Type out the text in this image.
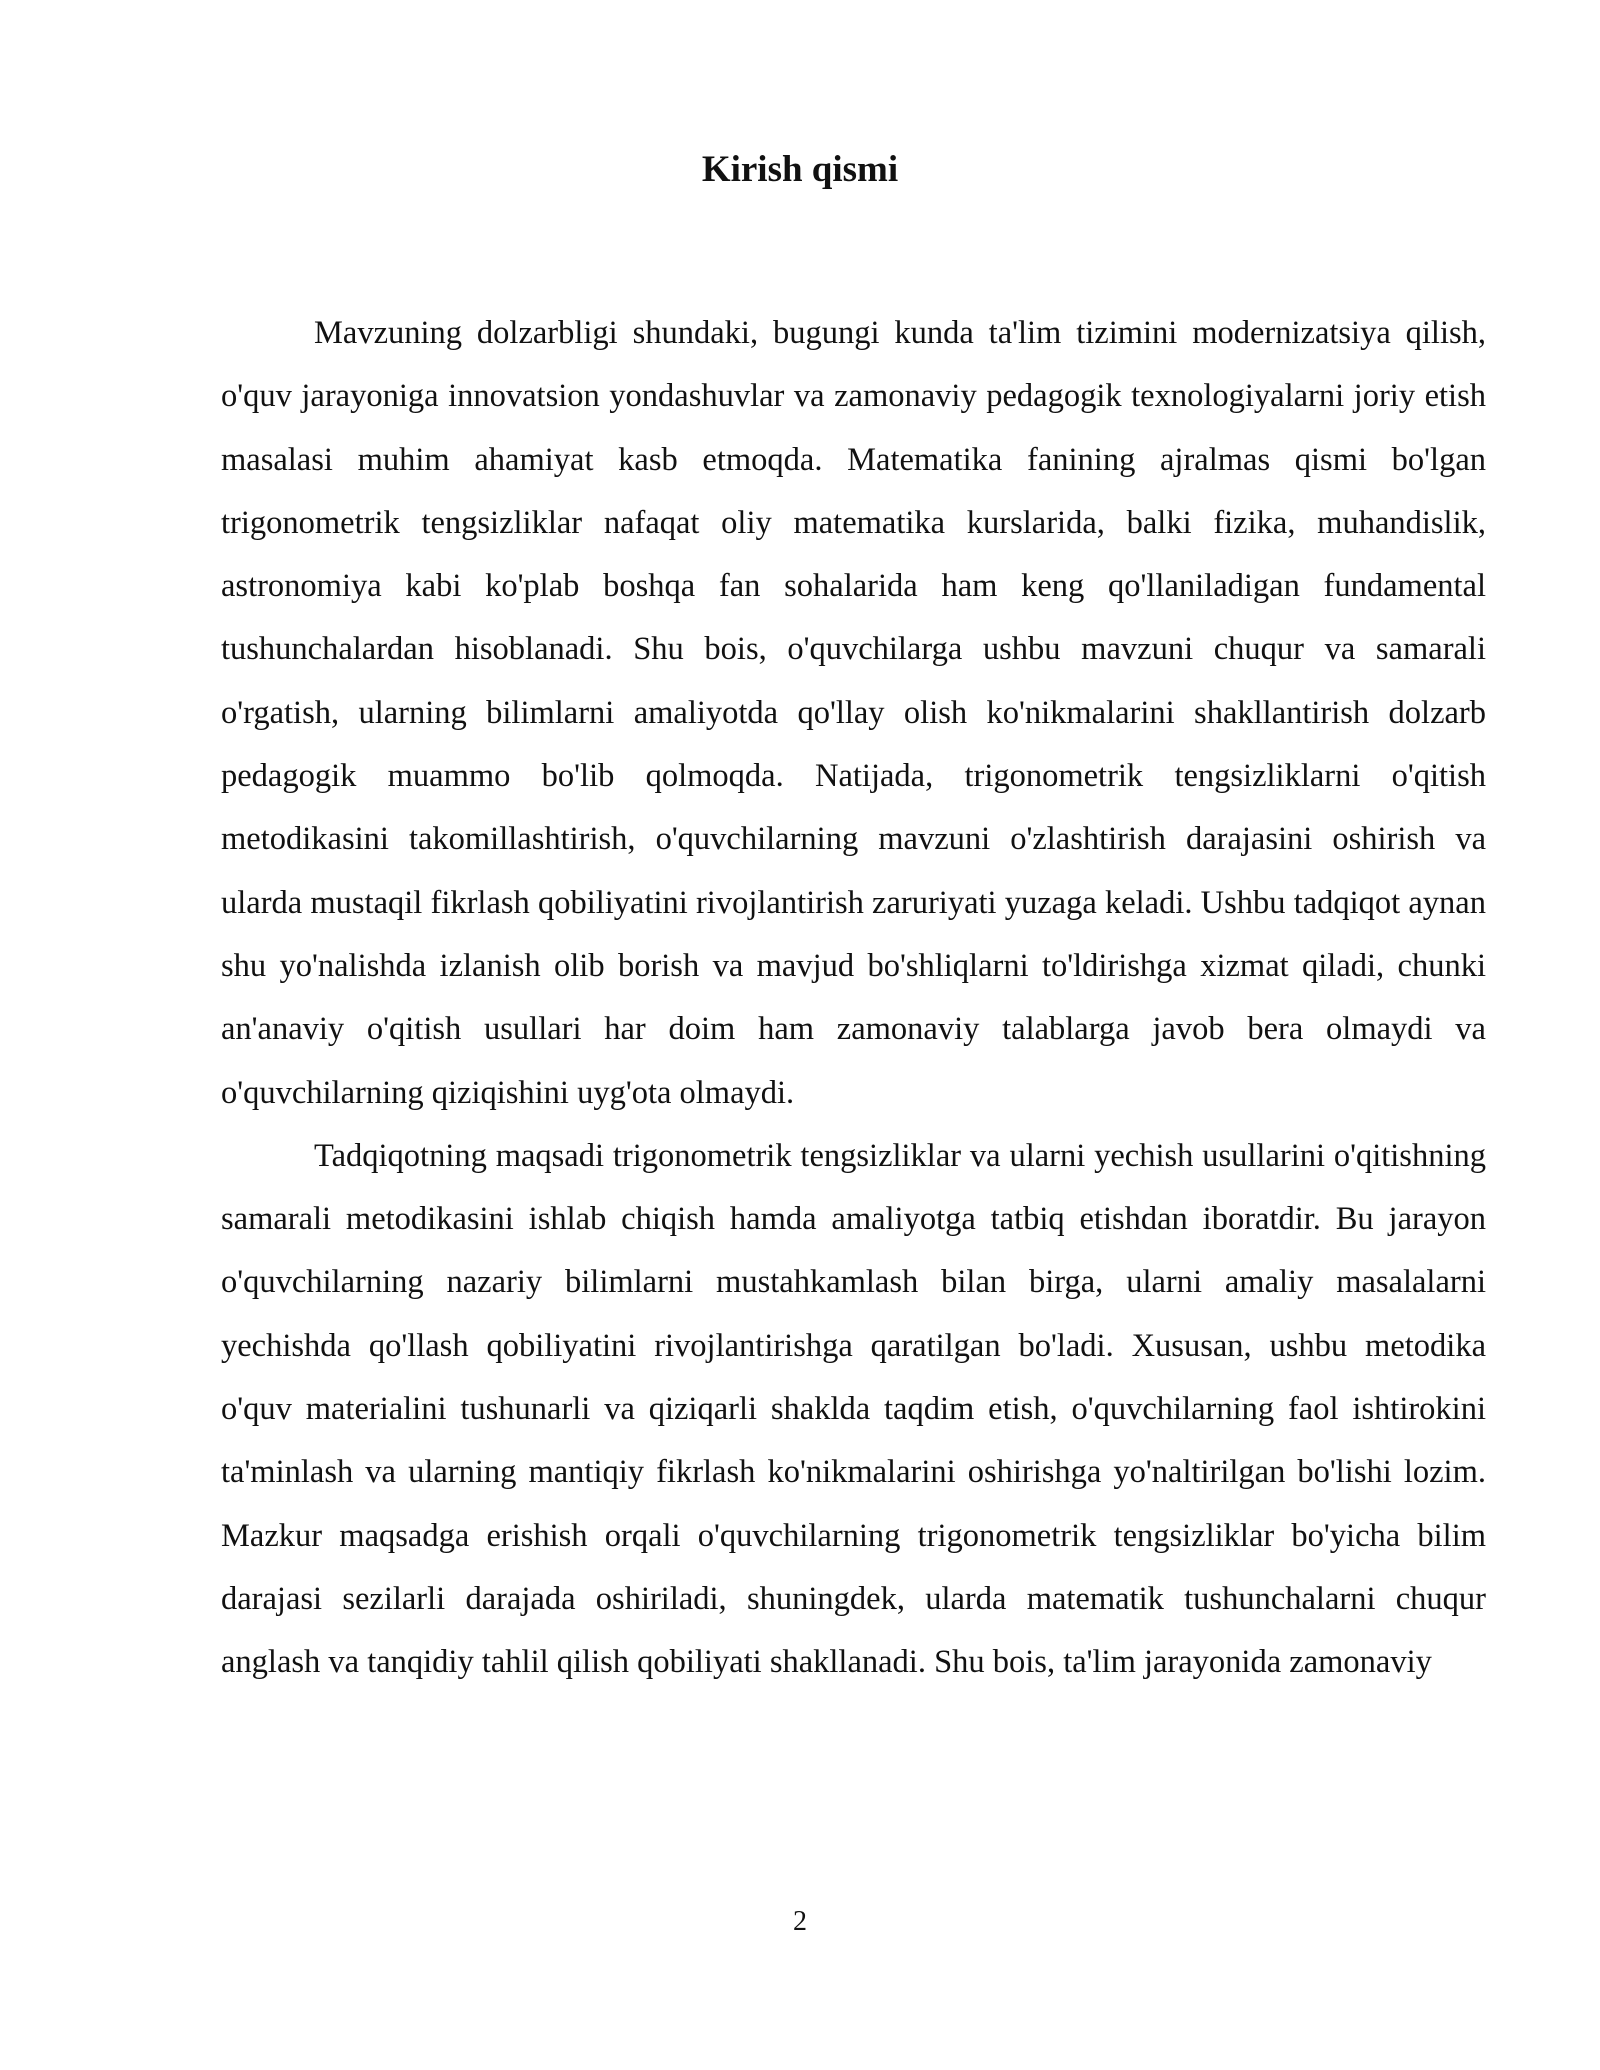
Kirish qismi

Mavzuning dolzarbligi shundaki, bugungi kunda ta'lim tizimini modernizatsiya qilish, o'quv jarayoniga innovatsion yondashuvlar va zamonaviy pedagogik texnologiyalarni joriy etish masalasi muhim ahamiyat kasb etmoqda. Matematika fanining ajralmas qismi bo'lgan trigonometrik tengsizliklar nafaqat oliy matematika kurslarida, balki fizika, muhandislik, astronomiya kabi ko'plab boshqa fan sohalarida ham keng qo'llaniladigan fundamental tushunchalardan hisoblanadi. Shu bois, o'quvchilarga ushbu mavzuni chuqur va samarali o'rgatish, ularning bilimlarni amaliyotda qo'llay olish ko'nikmalarini shakllantirish dolzarb pedagogik muammo bo'lib qolmoqda. Natijada, trigonometrik tengsizliklarni o'qitish metodikasini takomillashtirish, o'quvchilarning mavzuni o'zlashtirish darajasini oshirish va ularda mustaqil fikrlash qobiliyatini rivojlantirish zaruriyati yuzaga keladi. Ushbu tadqiqot aynan shu yo'nalishda izlanish olib borish va mavjud bo'shliqlarni to'ldirishga xizmat qiladi, chunki an'anaviy o'qitish usullari har doim ham zamonaviy talablarga javob bera olmaydi va o'quvchilarning qiziqishini uyg'ota olmaydi.

Tadqiqotning maqsadi trigonometrik tengsizliklar va ularni yechish usullarini o'qitishning samarali metodikasini ishlab chiqish hamda amaliyotga tatbiq etishdan iboratdir. Bu jarayon o'quvchilarning nazariy bilimlarni mustahkamlash bilan birga, ularni amaliy masalalarni yechishda qo'llash qobiliyatini rivojlantirishga qaratilgan bo'ladi. Xususan, ushbu metodika o'quv materialini tushunarli va qiziqarli shaklda taqdim etish, o'quvchilarning faol ishtirokini ta'minlash va ularning mantiqiy fikrlash ko'nikmalarini oshirishga yo'naltirilgan bo'lishi lozim. Mazkur maqsadga erishish orqali o'quvchilarning trigonometrik tengsizliklar bo'yicha bilim darajasi sezilarli darajada oshiriladi, shuningdek, ularda matematik tushunchalarni chuqur anglash va tanqidiy tahlil qilish qobiliyati shakllanadi. Shu bois, ta'lim jarayonida zamonaviy

2
